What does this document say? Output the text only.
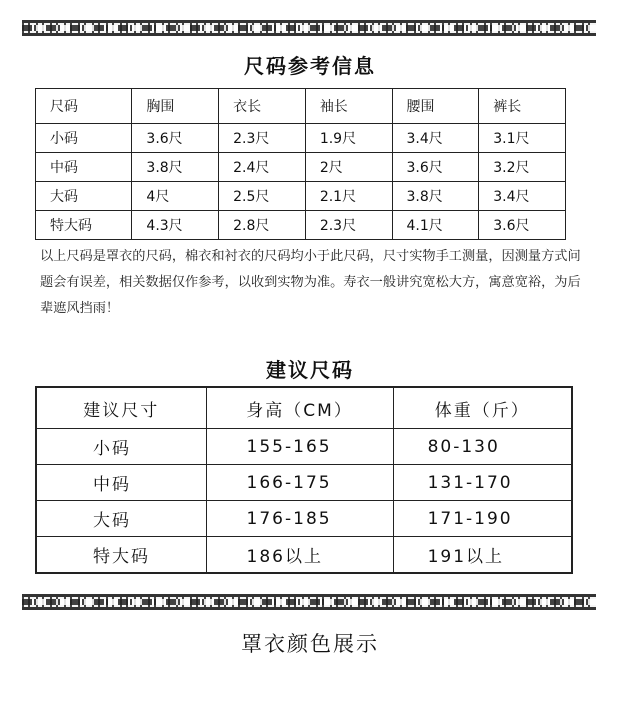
尺码参考信息
尺码	胸围	衣长	袖长	腰围	裤长
小码	3.6尺	2.3尺	1.9尺	3.4尺	3.1尺
中码	3.8尺	2.4尺	2尺	3.6尺	3.2尺
大码	4尺	2.5尺	2.1尺	3.8尺	3.4尺
特大码	4.3尺	2.8尺	2.3尺	4.1尺	3.6尺
以上尺码是罩衣的尺码，棉衣和衬衣的尺码均小于此尺码，尺寸实物手工测量，因测量方式问题会有误差，相关数据仅作参考，以收到实物为准。寿衣一般讲究宽松大方，寓意宽裕，为后辈遮风挡雨！
建议尺码
建议尺寸	身高（CM）	体重（斤）
小码	155-165	80-130
中码	166-175	131-170
大码	176-185	171-190
特大码	186以上	191以上
罩衣颜色展示
